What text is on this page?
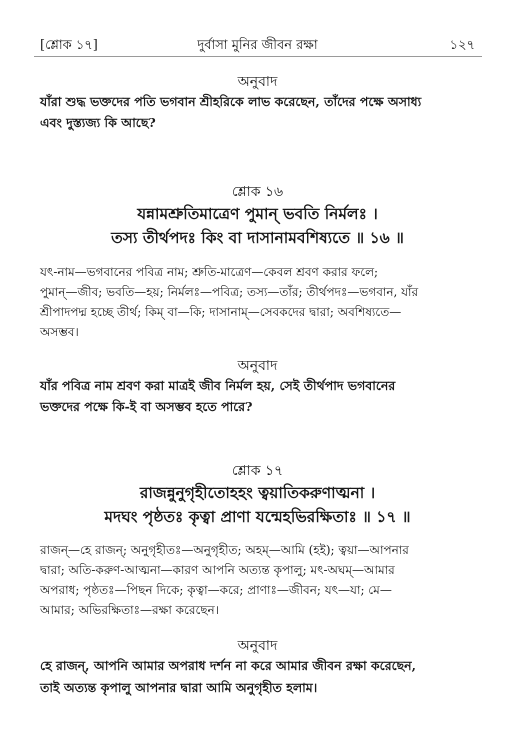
[শ্লোক ১৭]	দুর্বাসা মুনির জীবন রক্ষা	১২৭
অনুবাদ
যাঁরা শুদ্ধ ভক্তদের পতি ভগবান শ্রীহরিকে লাভ করেছেন, তাঁদের পক্ষে অসাধ্য
এবং দুস্ত্যজ্য কি আছে?
শ্লোক ১৬
যন্নামশ্রুতিমাত্রেণ পুমান্ ভবতি নির্মলঃ ।
তস্য তীর্থপদঃ কিং বা দাসানামবশিষ্যতে ॥ ১৬ ॥
যৎ-নাম—ভগবানের পবিত্র নাম; শ্রুতি-মাত্রেণ—কেবল শ্রবণ করার ফলে;
পুমান্—জীব; ভবতি—হয়; নির্মলঃ—পবিত্র; তস্য—তাঁর; তীর্থপদঃ—ভগবান, যাঁর
শ্রীপাদপদ্ম হচ্ছে তীর্থ; কিম্ বা—কি; দাসানাম্—সেবকদের দ্বারা; অবশিষ্যতে—
অসম্ভব।
অনুবাদ
যাঁর পবিত্র নাম শ্রবণ করা মাত্রই জীব নির্মল হয়, সেই তীর্থপাদ ভগবানের
ভক্তদের পক্ষে কি-ই বা অসম্ভব হতে পারে?
শ্লোক ১৭
রাজন্নুনুগৃহীতোহহং ত্বয়াতিকরুণাত্মনা ।
মদঘং পৃষ্ঠতঃ কৃত্বা প্রাণা যন্মেহভিরক্ষিতাঃ ॥ ১৭ ॥
রাজন্—হে রাজন্; অনুগৃহীতঃ—অনুগৃহীত; অহম্—আমি (হই); ত্বয়া—আপনার
দ্বারা; অতি-করুণ-আত্মনা—কারণ আপনি অত্যন্ত কৃপালু; মৎ-অঘম্—আমার
অপরাধ; পৃষ্ঠতঃ—পিছন দিকে; কৃত্বা—করে; প্রাণাঃ—জীবন; যৎ—যা; মে—
আমার; অভিরক্ষিতাঃ—রক্ষা করেছেন।
অনুবাদ
হে রাজন্, আপনি আমার অপরাধ দর্শন না করে আমার জীবন রক্ষা করেছেন,
তাই অত্যন্ত কৃপালু আপনার দ্বারা আমি অনুগৃহীত হলাম।
